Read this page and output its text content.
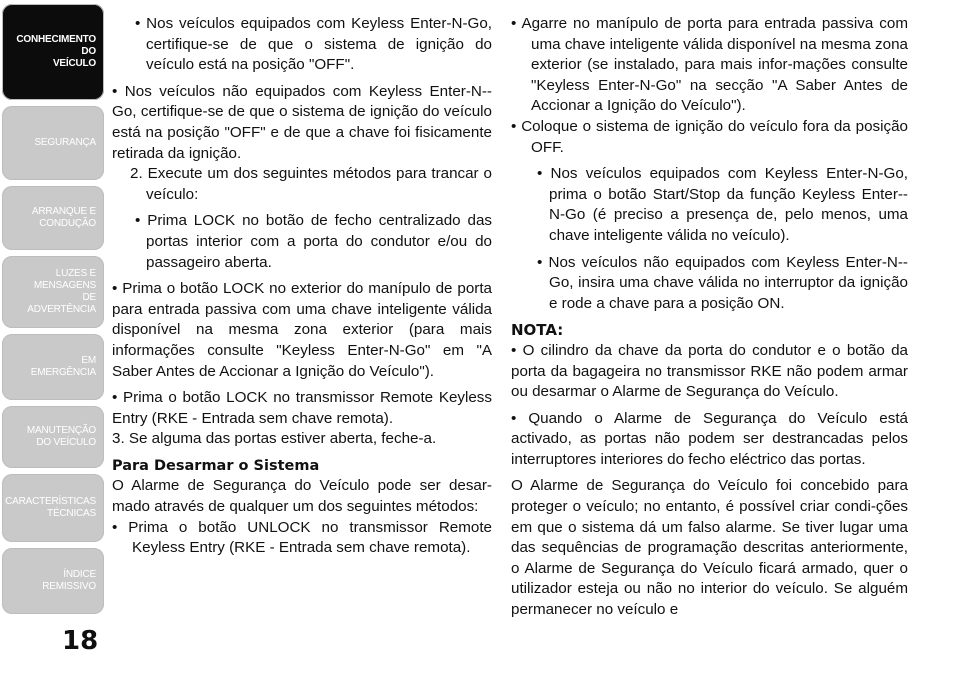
CONHECIMENTO
DO
VEÍCULO
SEGURANÇA
ARRANQUE E
CONDUÇÃO
LUZES E
MENSAGENS
DE
ADVERTÊNCIA
EM
EMERGÊNCIA
MANUTENÇÃO
DO VEÍCULO
CARACTERÍSTICAS
TÉCNICAS
ÍNDICE
REMISSIVO
18

• Nos veículos equipados com Keyless Enter-N-Go, certifique-se de que o sistema de ignição do veículo está na posição "OFF".

• Nos veículos não equipados com Keyless Enter-N--Go, certifique-se de que o sistema de ignição do veículo está na posição "OFF" e de que a chave foi fisicamente retirada da ignição.

2. Execute um dos seguintes métodos para trancar o veículo:

• Prima LOCK no botão de fecho centralizado das portas interior com a porta do condutor e/ou do passageiro aberta.

• Prima o botão LOCK no exterior do manípulo de porta para entrada passiva com uma chave inteligente válida disponível na mesma zona exterior (para mais informações consulte "Keyless Enter-N-Go" em "A Saber Antes de Accionar a Ignição do Veículo").

• Prima o botão LOCK no transmissor Remote Keyless Entry (RKE - Entrada sem chave remota).

3. Se alguma das portas estiver aberta, feche-a.

Para Desarmar o Sistema

O Alarme de Segurança do Veículo pode ser desar-mado através de qualquer um dos seguintes métodos:

• Prima o botão UNLOCK no transmissor Remote Keyless Entry (RKE - Entrada sem chave remota).

• Agarre no manípulo de porta para entrada passiva com uma chave inteligente válida disponível na mesma zona exterior (se instalado, para mais infor-mações consulte "Keyless Enter-N-Go" na secção "A Saber Antes de Accionar a Ignição do Veículo").

• Coloque o sistema de ignição do veículo fora da posição OFF.

• Nos veículos equipados com Keyless Enter-N-Go, prima o botão Start/Stop da função Keyless Enter--N-Go (é preciso a presença de, pelo menos, uma chave inteligente válida no veículo).

• Nos veículos não equipados com Keyless Enter-N--Go, insira uma chave válida no interruptor da ignição e rode a chave para a posição ON.

NOTA:

• O cilindro da chave da porta do condutor e o botão da porta da bagageira no transmissor RKE não podem armar ou desarmar o Alarme de Segurança do Veículo.

• Quando o Alarme de Segurança do Veículo está activado, as portas não podem ser destrancadas pelos interruptores interiores do fecho eléctrico das portas.

O Alarme de Segurança do Veículo foi concebido para proteger o veículo; no entanto, é possível criar condi-ções em que o sistema dá um falso alarme. Se tiver lugar uma das sequências de programação descritas anteriormente, o Alarme de Segurança do Veículo ficará armado, quer o utilizador esteja ou não no interior do veículo. Se alguém permanecer no veículo e
